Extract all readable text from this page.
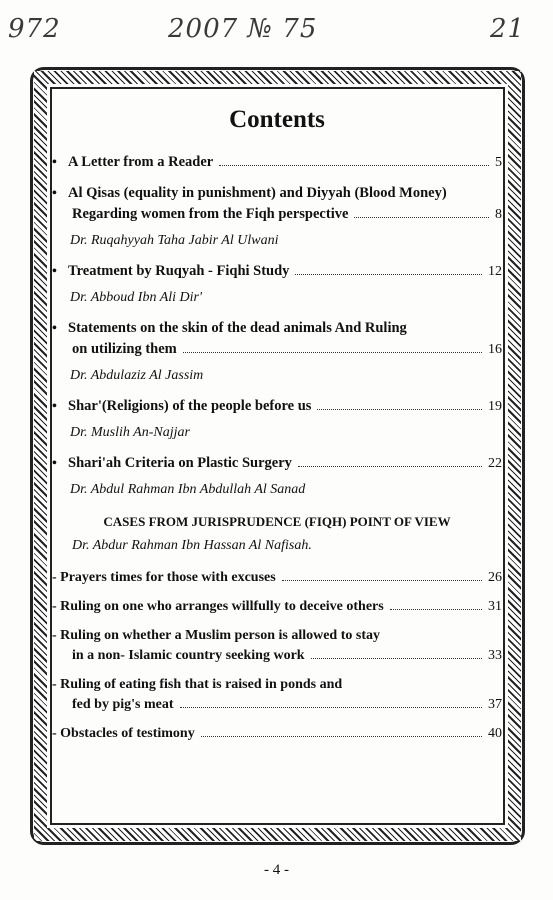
972	2007 № 75	21
Contents
• A Letter from a Reader	5
• Al Qisas (equality in punishment) and Diyyah (Blood Money)
Regarding women from the Fiqh perspective	8
Dr. Ruqahyyah Taha Jabir Al Ulwani
• Treatment by Ruqyah - Fiqhi Study	12
Dr. Abboud Ibn Ali Dir'
• Statements on the skin of the dead animals And Ruling
on utilizing them	16
Dr. Abdulaziz Al Jassim
• Shar'(Religions) of the people before us	19
Dr. Muslih An-Najjar
• Shari'ah Criteria on Plastic Surgery	22
Dr. Abdul Rahman Ibn Abdullah Al Sanad
CASES FROM JURISPRUDENCE (FIQH) POINT OF VIEW
Dr. Abdur Rahman Ibn Hassan Al Nafisah.
- Prayers times for those with excuses	26
- Ruling on one who arranges willfully to deceive others	31
- Ruling on whether a Muslim person is allowed to stay
in a non- Islamic country seeking work	33
- Ruling of eating fish that is raised in ponds and
fed by pig's meat	37
- Obstacles of testimony	40
- 4 -
